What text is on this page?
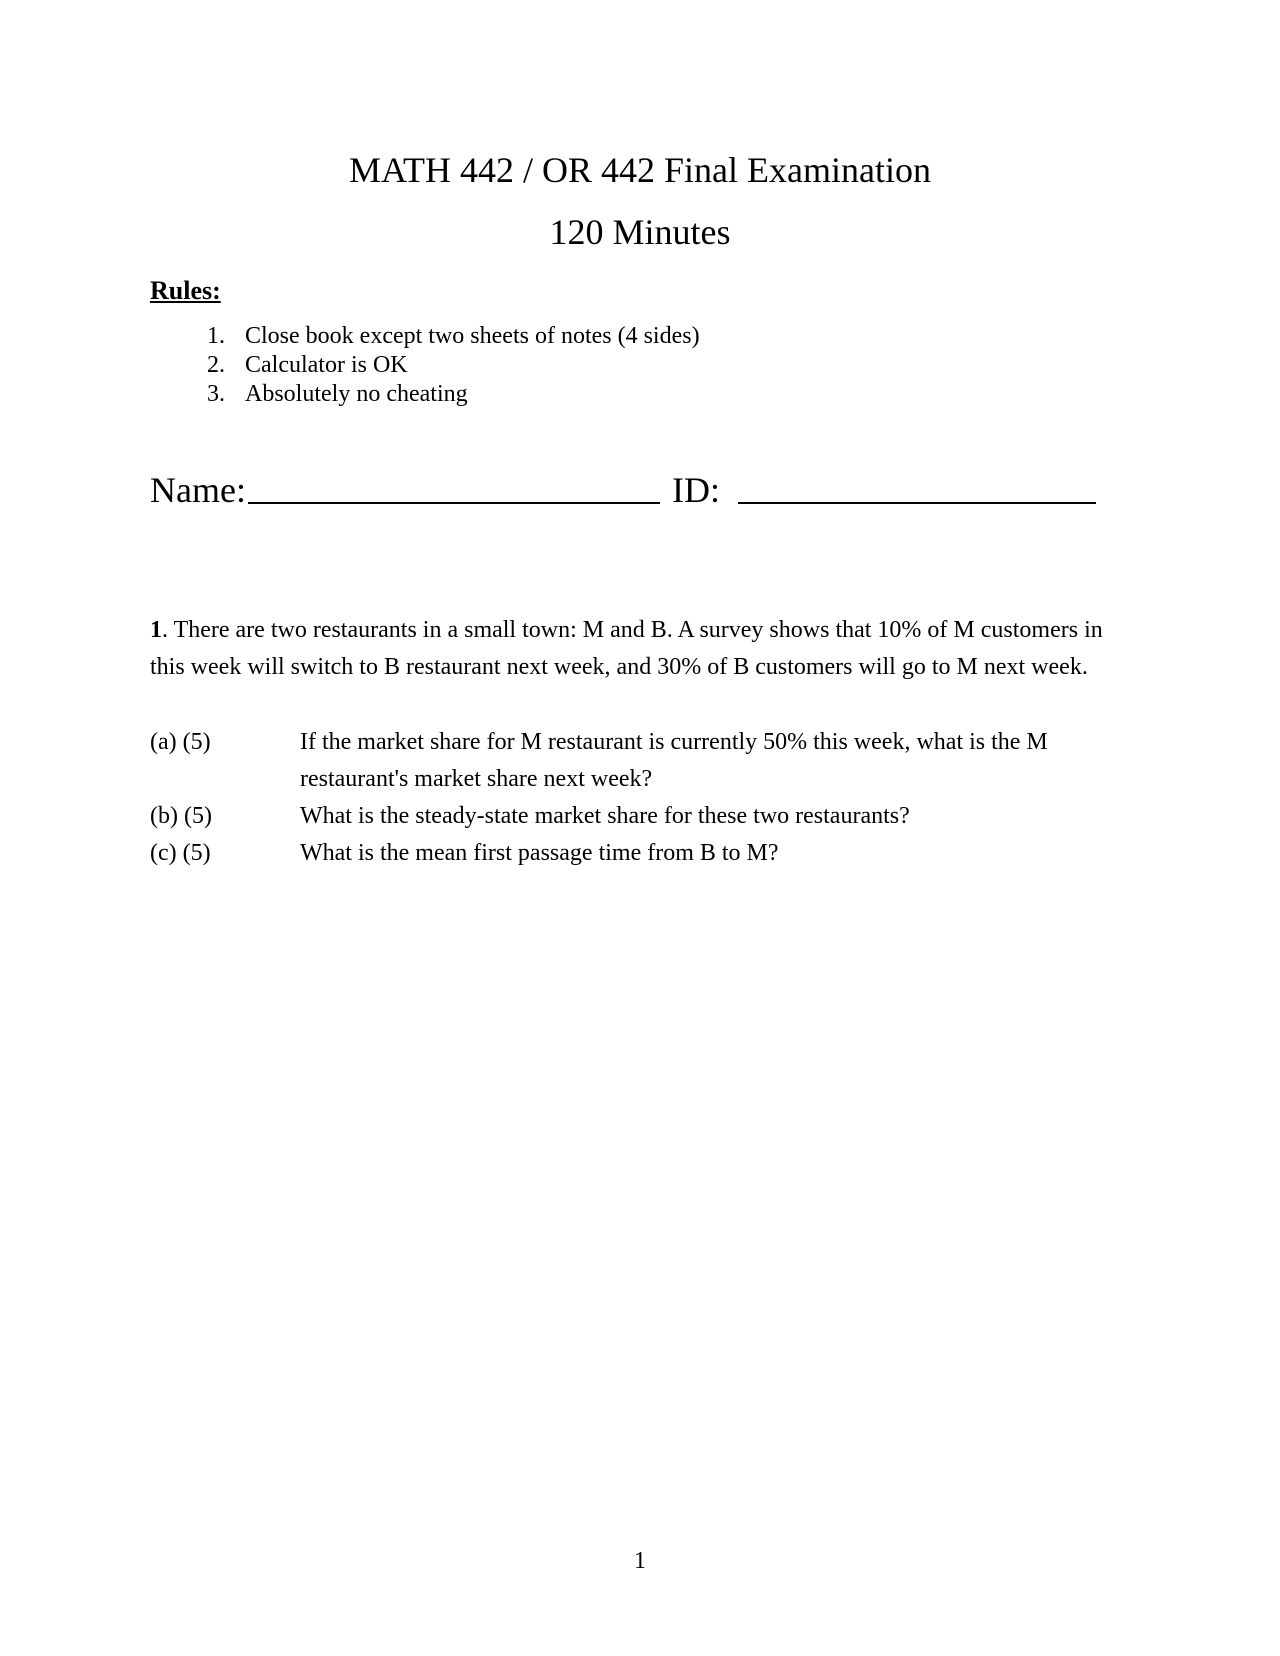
MATH 442 / OR 442 Final Examination
120 Minutes
Rules:
1. Close book except two sheets of notes (4 sides)
2. Calculator is OK
3. Absolutely no cheating
Name:	ID:
1. There are two restaurants in a small town: M and B. A survey shows that 10% of M customers in this week will switch to B restaurant next week, and 30% of B customers will go to M next week.
(a) (5)	If the market share for M restaurant is currently 50% this week, what is the M restaurant's market share next week?
(b) (5)	What is the steady-state market share for these two restaurants?
(c) (5)	What is the mean first passage time from B to M?
1
